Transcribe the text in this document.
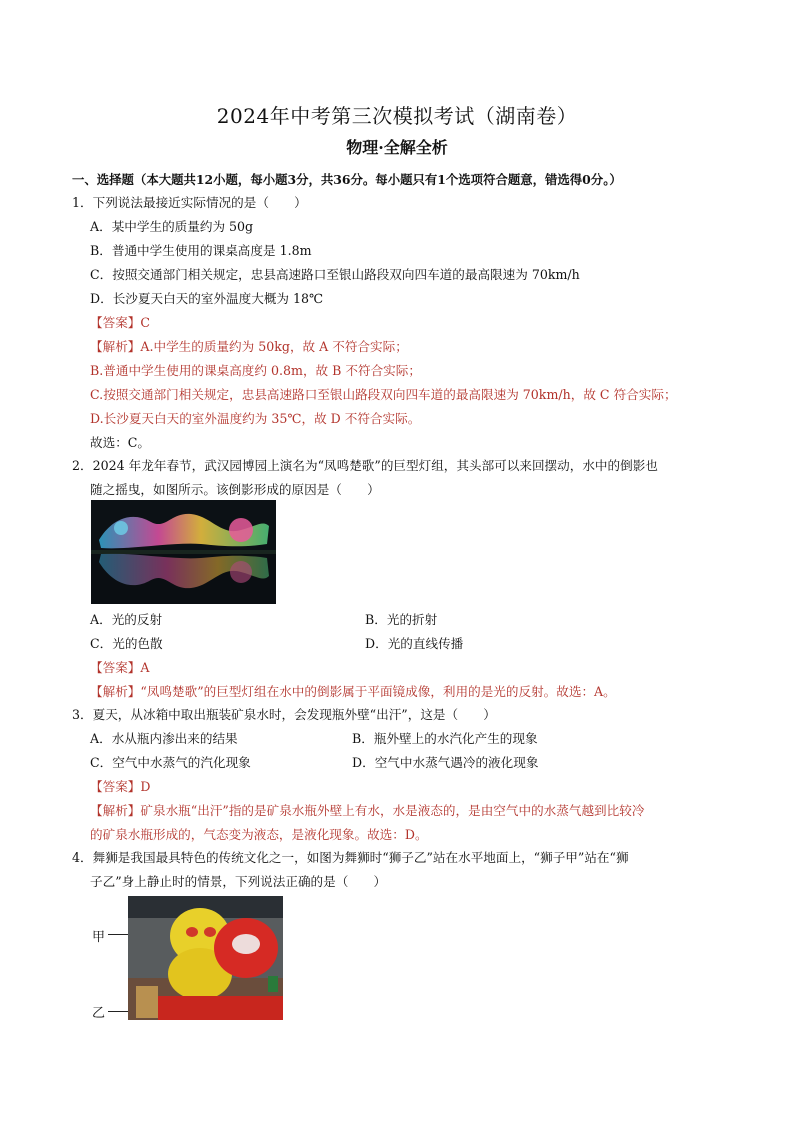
2024年中考第三次模拟考试（湖南卷）
物理·全解全析
一、选择题（本大题共12小题，每小题3分，共36分。每小题只有1个选项符合题意，错选得0分。）
1．下列说法最接近实际情况的是（　　）
A．某中学生的质量约为 50g
B．普通中学生使用的课桌高度是 1.8m
C．按照交通部门相关规定，忠县高速路口至银山路段双向四车道的最高限速为 70km/h
D．长沙夏天白天的室外温度大概为 18℃
【答案】C
【解析】A.中学生的质量约为 50kg，故 A 不符合实际；
B.普通中学生使用的课桌高度约 0.8m，故 B 不符合实际；
C.按照交通部门相关规定，忠县高速路口至银山路段双向四车道的最高限速为 70km/h，故 C 符合实际；
D.长沙夏天白天的室外温度约为 35℃，故 D 不符合实际。
故选：C。
2．2024 年龙年春节，武汉园博园上演名为“凤鸣楚歌”的巨型灯组，其头部可以来回摆动，水中的倒影也
随之摇曳，如图所示。该倒影形成的原因是（　　）
A．光的反射	B．光的折射
C．光的色散	D．光的直线传播
【答案】A
【解析】“凤鸣楚歌”的巨型灯组在水中的倒影属于平面镜成像，利用的是光的反射。故选：A。
3．夏天，从冰箱中取出瓶装矿泉水时，会发现瓶外壁“出汗”，这是（　　）
A．水从瓶内渗出来的结果	B．瓶外壁上的水汽化产生的现象
C．空气中水蒸气的汽化现象	D．空气中水蒸气遇冷的液化现象
【答案】D
【解析】矿泉水瓶“出汗”指的是矿泉水瓶外壁上有水，水是液态的，是由空气中的水蒸气越到比较冷
的矿泉水瓶形成的，气态变为液态，是液化现象。故选：D。
4．舞狮是我国最具特色的传统文化之一，如图为舞狮时“狮子乙”站在水平地面上，“狮子甲”站在“狮
子乙”身上静止时的情景，下列说法正确的是（　　）
甲
乙
